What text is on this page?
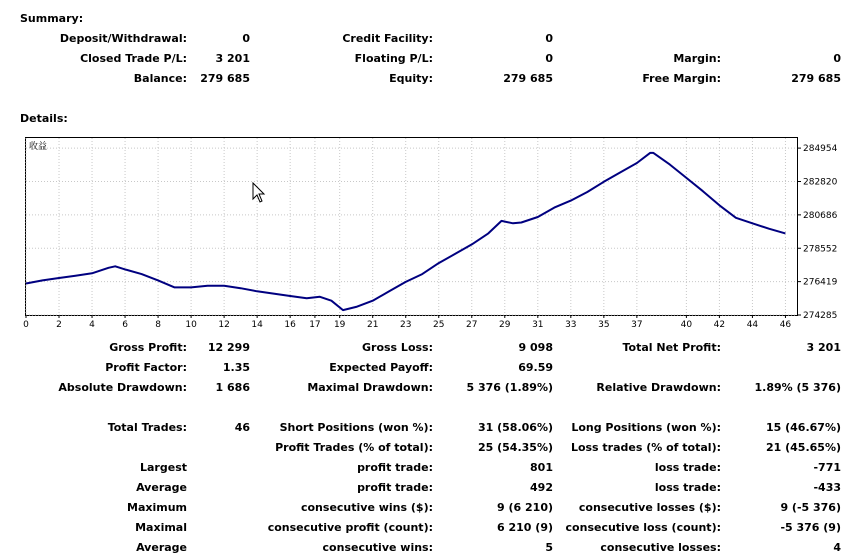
Summary:
Deposit/Withdrawal:	0	Credit Facility:	0
Closed Trade P/L:	3 201	Floating P/L:	0	Margin:	0
Balance: 279 685	Equity:	279 685	Free Margin:	279 685
Details:
284954
282820
280686
278552
276419
274285
0	2	4	6	8	10 12 14 16 17 19 21 23 25 27 29 31 33 35 37	40 42 44 46
收益
Gross Profit: 12 299	Gross Loss:	9 098	Total Net Profit:	3 201
Profit Factor:	1.35	Expected Payoff:	69.59
Absolute Drawdown:	1 686	Maximal Drawdown:	5 376 (1.89%)	Relative Drawdown:	1.89% (5 376)
Total Trades:	46	Short Positions (won %):	31 (58.06%) Long Positions (won %):	15 (46.67%)
Profit Trades (% of total):	25 (54.35%) Loss trades (% of total):	21 (45.65%)
Largest	profit trade:	801	loss trade:	-771
Average	profit trade:	492	loss trade:	-433
Maximum	consecutive wins ($):	9 (6 210) consecutive losses ($):	9 (-5 376)
Maximal	consecutive profit (count):	6 210 (9) consecutive loss (count):	-5 376 (9)
Average	consecutive wins:	5	consecutive losses:	4
